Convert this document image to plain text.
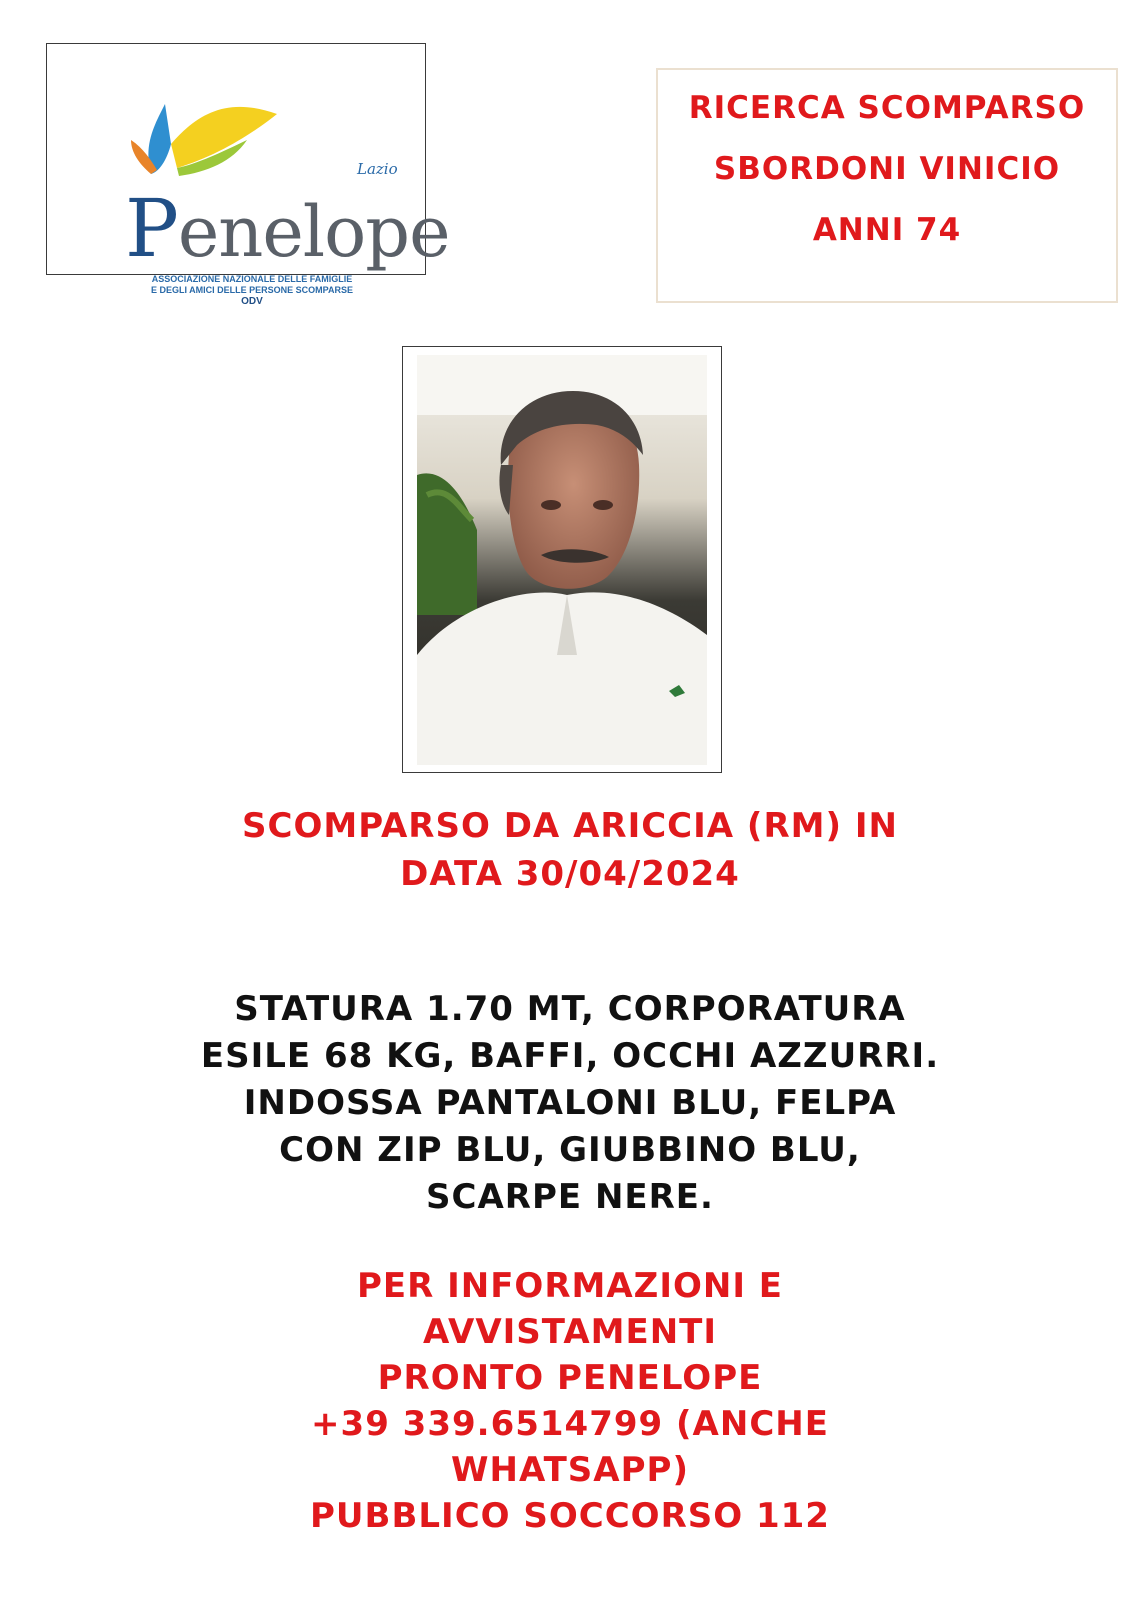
Lazio
Penelope
ASSOCIAZIONE NAZIONALE DELLE FAMIGLIE
E DEGLI AMICI DELLE PERSONE SCOMPARSE
ODV
RICERCA SCOMPARSO
SBORDONI VINICIO
ANNI 74
SCOMPARSO DA ARICCIA (RM) IN
DATA 30/04/2024
STATURA 1.70 MT, CORPORATURA
ESILE 68 KG, BAFFI, OCCHI AZZURRI.
INDOSSA PANTALONI BLU, FELPA
CON ZIP BLU, GIUBBINO BLU,
SCARPE NERE.
PER INFORMAZIONI E
AVVISTAMENTI
PRONTO PENELOPE
+39 339.6514799 (ANCHE
WHATSAPP)
PUBBLICO SOCCORSO 112
